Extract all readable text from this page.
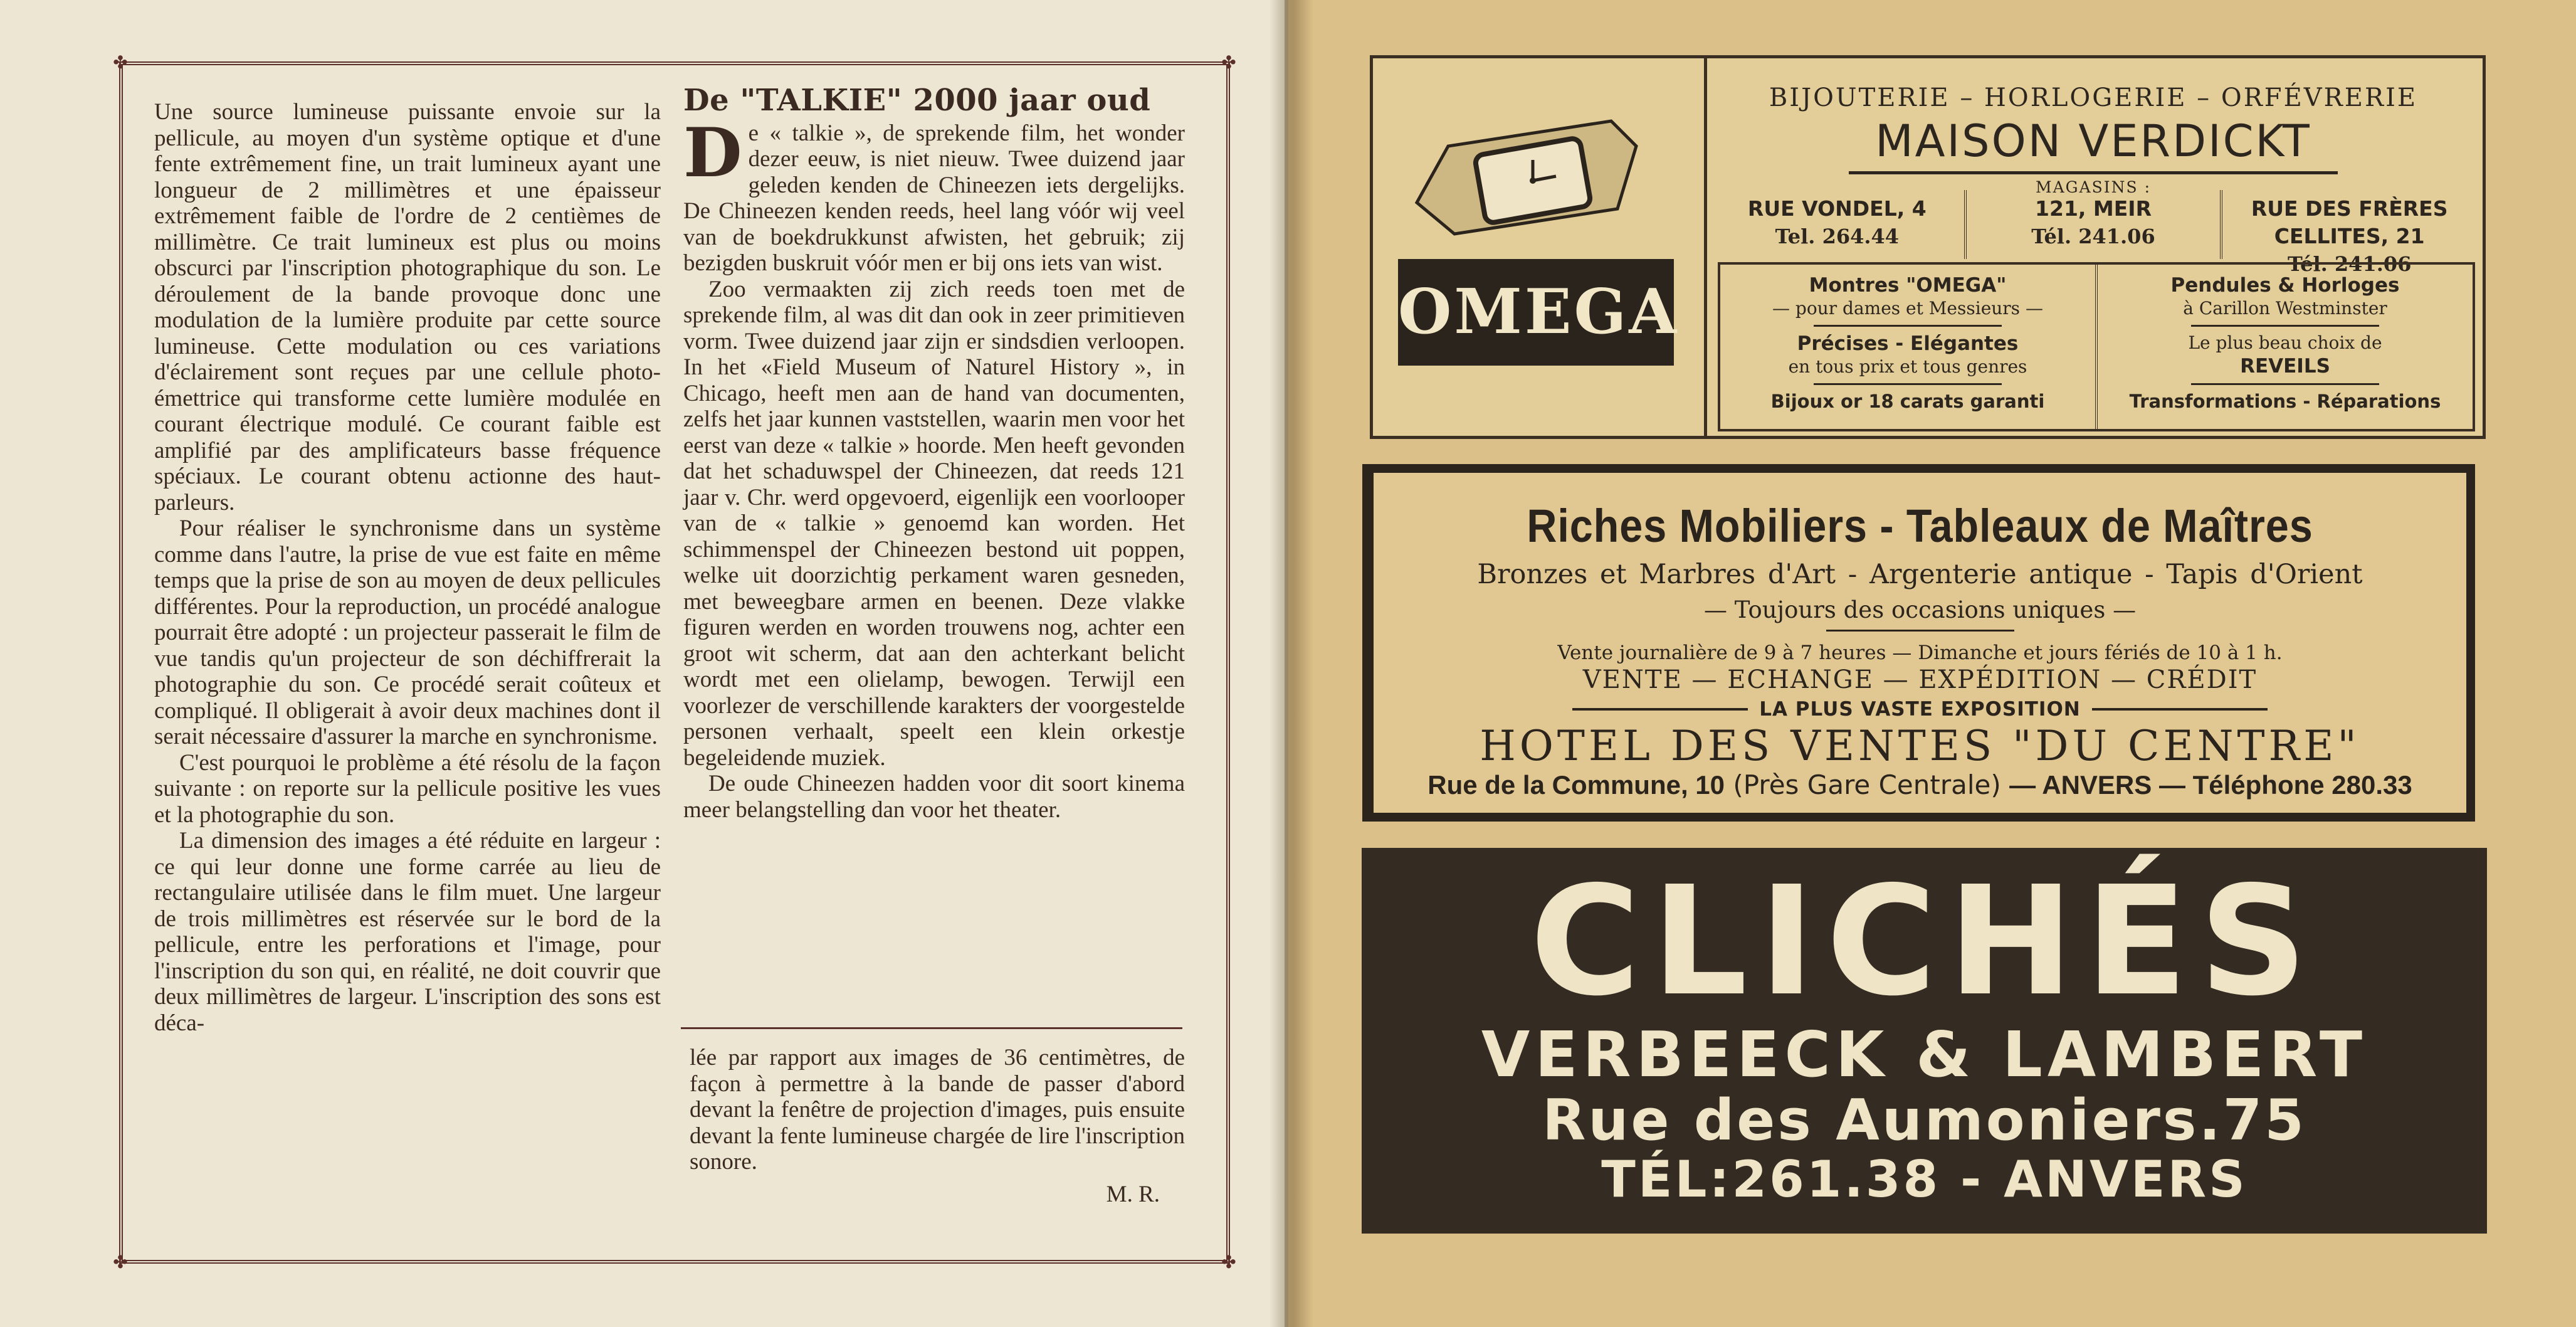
✤	✤
✤	✤

Une source lumineuse puissante envoie sur la pellicule, au moyen d'un système optique et d'une fente extrêmement fine, un trait lumineux ayant une longueur de 2 millimètres et une épaisseur extrêmement faible de l'ordre de 2 centièmes de millimètre. Ce trait lumineux est plus ou moins obscurci par l'inscription photographique du son. Le déroulement de la bande provoque donc une modulation de la lumière produite par cette source lumineuse. Cette modulation ou ces variations d'éclairement sont reçues par une cellule photo-émettrice qui transforme cette lumière modulée en courant électrique modulé. Ce courant faible est amplifié par des amplificateurs basse fréquence spéciaux. Le courant obtenu actionne des haut-parleurs.

Pour réaliser le synchronisme dans un système comme dans l'autre, la prise de vue est faite en même temps que la prise de son au moyen de deux pellicules différentes. Pour la reproduction, un procédé analogue pourrait être adopté : un projecteur passerait le film de vue tandis qu'un projecteur de son déchiffrerait la photographie du son. Ce procédé serait coûteux et compliqué. Il obligerait à avoir deux machines dont il serait nécessaire d'assurer la marche en synchronisme.

C'est pourquoi le problème a été résolu de la façon suivante : on reporte sur la pellicule positive les vues et la photographie du son.

La dimension des images a été réduite en largeur : ce qui leur donne une forme carrée au lieu de rectangulaire utilisée dans le film muet. Une largeur de trois millimètres est réservée sur le bord de la pellicule, entre les perforations et l'image, pour l'inscription du son qui, en réalité, ne doit couvrir que deux millimètres de largeur. L'inscription des sons est déca-

De "TALKIE" 2000 jaar oud

De « talkie », de sprekende film, het wonder dezer eeuw, is niet nieuw. Twee duizend jaar geleden kenden de Chineezen iets dergelijks. De Chineezen kenden reeds, heel lang vóór wij veel van de boekdrukkunst afwisten, het gebruik; zij bezigden buskruit vóór men er bij ons iets van wist.

Zoo vermaakten zij zich reeds toen met de sprekende film, al was dit dan ook in zeer primitieven vorm. Twee duizend jaar zijn er sindsdien verloopen. In het «Field Museum of Naturel History », in Chicago, heeft men aan de hand van documenten, zelfs het jaar kunnen vaststellen, waarin men voor het eerst van deze « talkie » hoorde. Men heeft gevonden dat het schaduwspel der Chineezen, dat reeds 121 jaar v. Chr. werd opgevoerd, eigenlijk een voorlooper van de « talkie » genoemd kan worden. Het schimmenspel der Chineezen bestond uit poppen, welke uit doorzichtig perkament waren gesneden, met beweegbare armen en beenen. Deze vlakke figuren werden en worden trouwens nog, achter een groot wit scherm, dat aan den achterkant belicht wordt met een olielamp, bewogen. Terwijl een voorlezer de verschillende karakters der voorgestelde personen verhaalt, speelt een klein orkestje begeleidende muziek.

De oude Chineezen hadden voor dit soort kinema meer belangstelling dan voor het theater.

lée par rapport aux images de 36 centimètres, de façon à permettre à la bande de passer d'abord devant la fenêtre de projection d'images, puis ensuite devant la fente lumineuse chargée de lire l'inscription sonore.

M. R.
OMEGA
BIJOUTERIE – HORLOGERIE – ORFÉVRERIE
MAISON VERDICKT
MAGASINS :
RUE VONDEL, 4
Tel. 264.44
121, MEIR
Tél. 241.06
RUE DES FRÈRES CELLITES, 21
Tél. 241.06
Montres "OMEGA"
— pour dames et Messieurs —
Précises - Elégantes
en tous prix et tous genres
Bijoux or 18 carats garanti
Pendules & Horloges
à Carillon Westminster
Le plus beau choix de
REVEILS
Transformations - Réparations
Riches Mobiliers - Tableaux de Maîtres
Bronzes et Marbres d'Art - Argenterie antique - Tapis d'Orient
— Toujours des occasions uniques —
Vente journalière de 9 à 7 heures — Dimanche et jours fériés de 10 à 1 h.
VENTE — ECHANGE — EXPÉDITION — CRÉDIT
LA PLUS VASTE EXPOSITION
HOTEL DES VENTES "DU CENTRE"
Rue de la Commune, 10 (Près Gare Centrale) — ANVERS — Téléphone 280.33
CLICHÉS
VERBEECK & LAMBERT
Rue des Aumoniers.75
TÉL:261.38 - ANVERS
